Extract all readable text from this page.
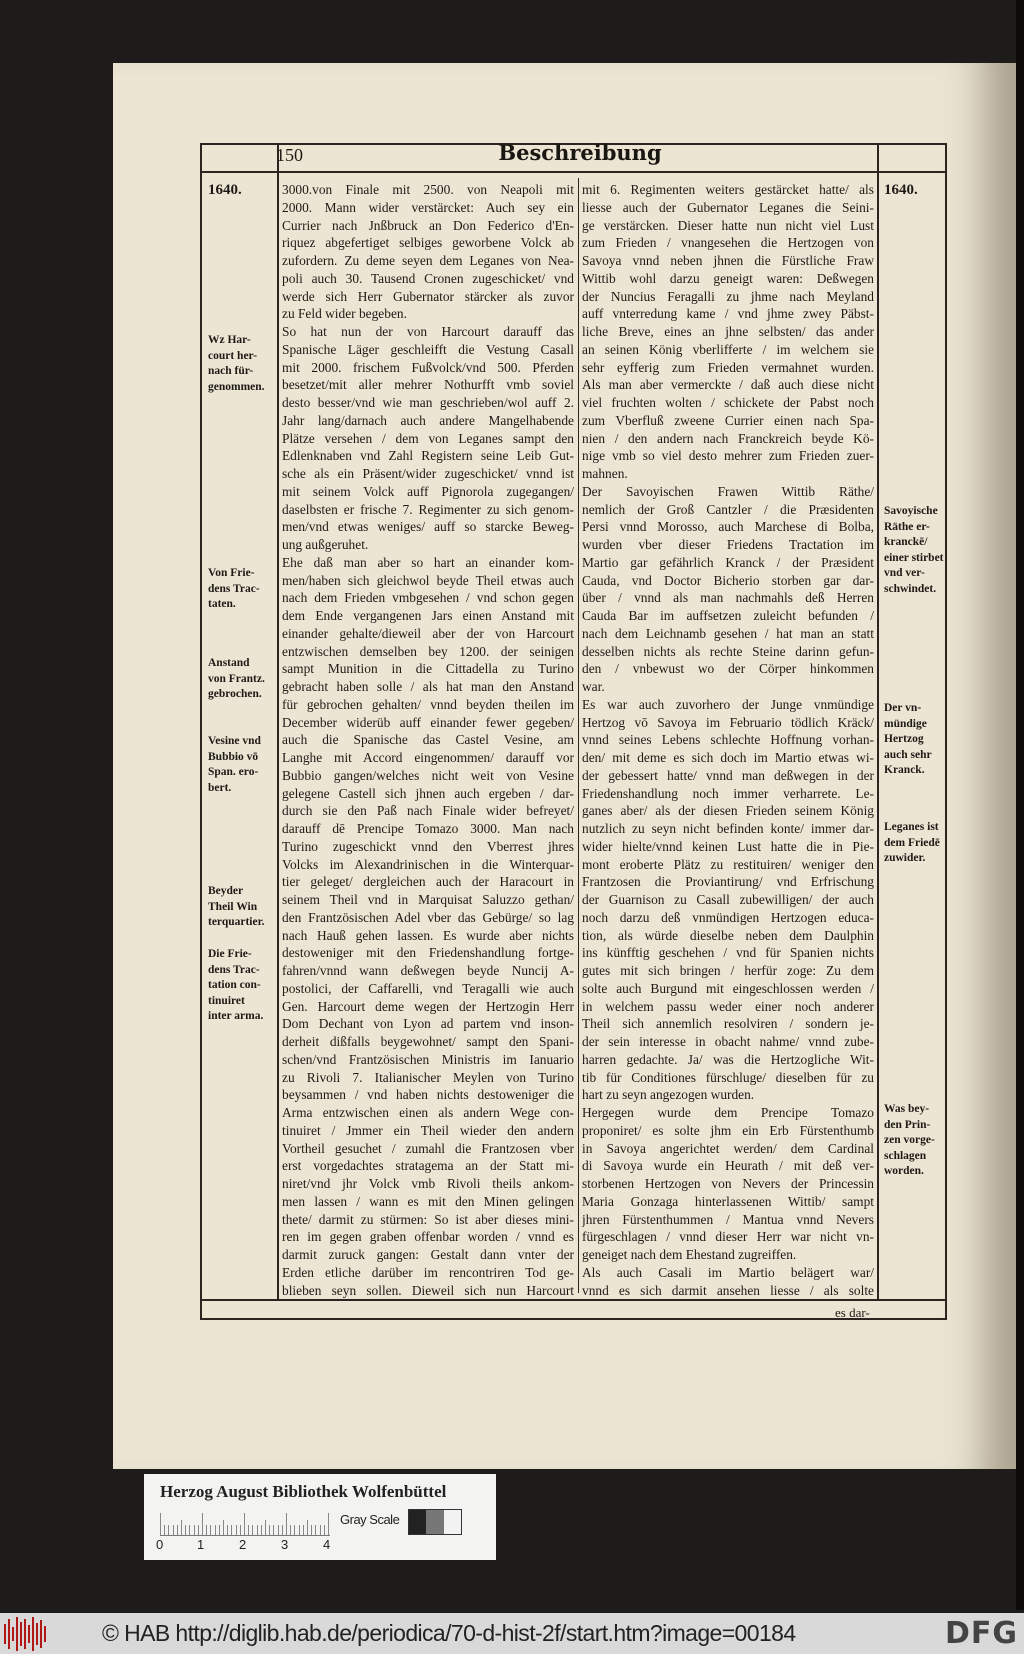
150	Beschreibung
3000.von Finale mit 2500. von Neapoli mit
2000. Mann wider verstärcket: Auch sey ein
Currier nach Jnßbruck an Don Federico d'En-
riquez abgefertiget selbiges geworbene Volck ab
zufordern. Zu deme seyen dem Leganes von Nea-
poli auch 30. Tausend Cronen zugeschicket/ vnd
werde sich Herr Gubernator stärcker als zuvor
zu Feld wider begeben.
So hat nun der von Harcourt darauff das
Spanische Läger geschleifft die Vestung Casall
mit 2000. frischem Fußvolck/vnd 500. Pferden
besetzet/mit aller mehrer Nothurfft vmb soviel
desto besser/vnd wie man geschrieben/wol auff 2.
Jahr lang/darnach auch andere Mangelhabende
Plätze versehen / dem von Leganes sampt den
Edlenknaben vnd Zahl Registern seine Leib Gut-
sche als ein Präsent/wider zugeschicket/ vnnd ist
mit seinem Volck auff Pignorola zugegangen/
daselbsten er frische 7. Regimenter zu sich genom-
men/vnd etwas weniges/ auff so starcke Beweg-
ung außgeruhet.
Ehe daß man aber so hart an einander kom-
men/haben sich gleichwol beyde Theil etwas auch
nach dem Frieden vmbgesehen / vnd schon gegen
dem Ende vergangenen Jars einen Anstand mit
einander gehalte/dieweil aber der von Harcourt
entzwischen demselben bey 1200. der seinigen
sampt Munition in die Cittadella zu Turino
gebracht haben solle / als hat man den Anstand
für gebrochen gehalten/ vnnd beyden theilen im
December widerüb auff einander fewer gegeben/
auch die Spanische das Castel Vesine, am
Langhe mit Accord eingenommen/ darauff vor
Bubbio gangen/welches nicht weit von Vesine
gelegene Castell sich jhnen auch ergeben / dar-
durch sie den Paß nach Finale wider befreyet/
darauff dē Prencipe Tomazo 3000. Man nach
Turino zugeschickt vnnd den Vberrest jhres
Volcks im Alexandrinischen in die Winterquar-
tier geleget/ dergleichen auch der Haracourt in
seinem Theil vnd in Marquisat Saluzzo gethan/
den Frantzösischen Adel vber das Gebürge/ so lag
nach Hauß gehen lassen. Es wurde aber nichts
destoweniger mit den Friedenshandlung fortge-
fahren/vnnd wann deßwegen beyde Nuncij A-
postolici, der Caffarelli, vnd Teragalli wie auch
Gen. Harcourt deme wegen der Hertzogin Herr
Dom Dechant von Lyon ad partem vnd inson-
derheit dißfalls beygewohnet/ sampt den Spani-
schen/vnd Frantzösischen Ministris im Ianuario
zu Rivoli 7. Italianischer Meylen von Turino
beysammen / vnd haben nichts destoweniger die
Arma entzwischen einen als andern Wege con-
tinuiret / Jmmer ein Theil wieder den andern
Vortheil gesuchet / zumahl die Frantzosen vber
erst vorgedachtes stratagema an der Statt mi-
niret/vnd jhr Volck vmb Rivoli theils ankom-
men lassen / wann es mit den Minen gelingen
thete/ darmit zu stürmen: So ist aber dieses mini-
ren im gegen graben offenbar worden / vnnd es
darmit zuruck gangen: Gestalt dann vnter der
Erden etliche darüber im rencontriren Tod ge-
blieben seyn sollen. Dieweil sich nun Harcourt
mit 6. Regimenten weiters gestärcket hatte/ als
liesse auch der Gubernator Leganes die Seini-
ge verstärcken. Dieser hatte nun nicht viel Lust
zum Frieden / vnangesehen die Hertzogen von
Savoya vnnd neben jhnen die Fürstliche Fraw
Wittib wohl darzu geneigt waren: Deßwegen
der Nuncius Feragalli zu jhme nach Meyland
auff vnterredung kame / vnd jhme zwey Päbst-
liche Breve, eines an jhne selbsten/ das ander
an seinen König vberlifferte / im welchem sie
sehr eyfferig zum Frieden vermahnet wurden.
Als man aber vermerckte / daß auch diese nicht
viel fruchten wolten / schickete der Pabst noch
zum Vberfluß zweene Currier einen nach Spa-
nien / den andern nach Franckreich beyde Kö-
nige vmb so viel desto mehrer zum Frieden zuer-
mahnen.
Der Savoyischen Frawen Wittib Räthe/
nemlich der Groß Cantzler / die Præsidenten
Persi vnnd Morosso, auch Marchese di Bolba,
wurden vber dieser Friedens Tractation im
Martio gar gefährlich Kranck / der Præsident
Cauda, vnd Doctor Bicherio storben gar dar-
über / vnnd als man nachmahls deß Herren
Cauda Bar im auffsetzen zuleicht befunden /
nach dem Leichnamb gesehen / hat man an statt
desselben nichts als rechte Steine darinn gefun-
den / vnbewust wo der Cörper hinkommen
war.
Es war auch zuvorhero der Junge vnmündige
Hertzog vō Savoya im Februario tödlich Kräck/
vnnd seines Lebens schlechte Hoffnung vorhan-
den/ mit deme es sich doch im Martio etwas wi-
der gebessert hatte/ vnnd man deßwegen in der
Friedenshandlung noch immer verharrete. Le-
ganes aber/ als der diesen Frieden seinem König
nutzlich zu seyn nicht befinden konte/ immer dar-
wider hielte/vnnd keinen Lust hatte die in Pie-
mont eroberte Plätz zu restituiren/ weniger den
Frantzosen die Proviantirung/ vnd Erfrischung
der Guarnison zu Casall zubewilligen/ der auch
noch darzu deß vnmündigen Hertzogen educa-
tion, als würde dieselbe neben dem Daulphin
ins künfftig geschehen / vnd für Spanien nichts
gutes mit sich bringen / herfür zoge: Zu dem
solte auch Burgund mit eingeschlossen werden /
in welchem passu weder einer noch anderer
Theil sich annemlich resolviren / sondern je-
der sein interesse in obacht nahme/ vnnd zube-
harren gedachte. Ja/ was die Hertzogliche Wit-
tib für Conditiones fürschluge/ dieselben für zu
hart zu seyn angezogen wurden.
Hergegen wurde dem Prencipe Tomazo
proponiret/ es solte jhm ein Erb Fürstenthumb
in Savoya angerichtet werden/ dem Cardinal
di Savoya wurde ein Heurath / mit deß ver-
storbenen Hertzogen von Nevers der Princessin
Maria Gonzaga hinterlassenen Wittib/ sampt
jhren Fürstenthummen / Mantua vnnd Nevers
fürgeschlagen / vnnd dieser Herr war nicht vn-
geneiget nach dem Ehestand zugreiffen.
Als auch Casali im Martio belägert war/
vnnd es sich darmit ansehen liesse / als solte
1640.
Wz Har-
court her-
nach für-
genommen.
Von Frie-
dens Trac-
taten.
Anstand
von Frantz.
gebrochen.
Vesine vnd
Bubbio vō
Span. ero-
bert.
Beyder
Theil Win
terquartier.
Die Frie-
dens Trac-
tation con-
tinuiret
inter arma.
1640.
Savoyische
Räthe er-
kranckē/
einer stirbet
vnd ver-
schwindet.
Der vn-
mündige
Hertzog
auch sehr
Kranck.
Leganes ist
dem Friedē
zuwider.
Was bey-
den Prin-
zen vorge-
schlagen
worden.
es dar-
Herzog August Bibliothek Wolfenbüttel
0	1	2	3	4
Gray Scale
© HAB http://diglib.hab.de/periodica/70-d-hist-2f/start.htm?image=00184	DFG
